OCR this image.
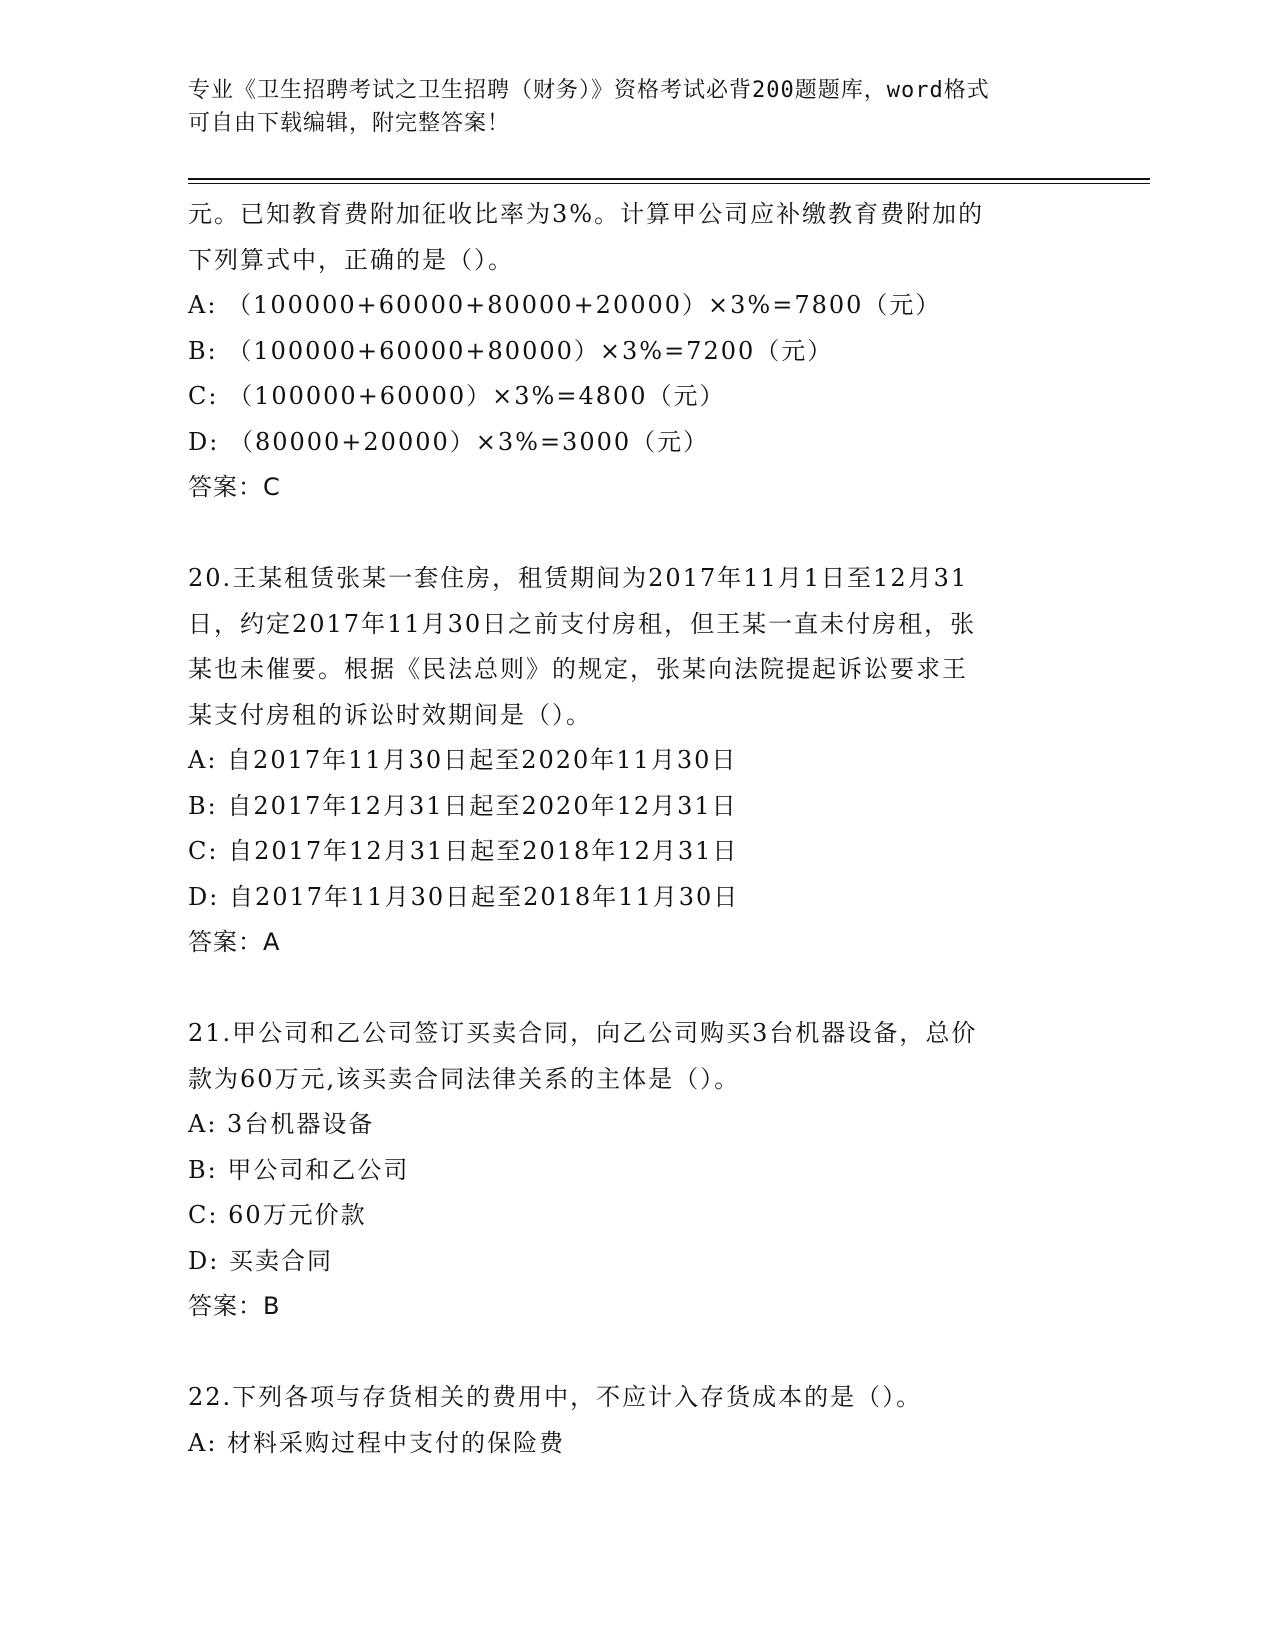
专业《卫生招聘考试之卫生招聘（财务）》资格考试必背200题题库，word格式
可自由下载编辑，附完整答案！
元。已知教育费附加征收比率为3%。计算甲公司应补缴教育费附加的
下列算式中，正确的是（）。
A: （100000+60000+80000+20000）×3%=7800（元）
B: （100000+60000+80000）×3%=7200（元）
C: （100000+60000）×3%=4800（元）
D: （80000+20000）×3%=3000（元）
答案：C
20.王某租赁张某一套住房，租赁期间为2017年11月1日至12月31
日，约定2017年11月30日之前支付房租，但王某一直未付房租，张
某也未催要。根据《民法总则》的规定，张某向法院提起诉讼要求王
某支付房租的诉讼时效期间是（）。
A: 自2017年11月30日起至2020年11月30日
B: 自2017年12月31日起至2020年12月31日
C: 自2017年12月31日起至2018年12月31日
D: 自2017年11月30日起至2018年11月30日
答案：A
21.甲公司和乙公司签订买卖合同，向乙公司购买3台机器设备，总价
款为60万元,该买卖合同法律关系的主体是（）。
A: 3台机器设备
B: 甲公司和乙公司
C: 60万元价款
D: 买卖合同
答案：B
22.下列各项与存货相关的费用中，不应计入存货成本的是（）。
A: 材料采购过程中支付的保险费
